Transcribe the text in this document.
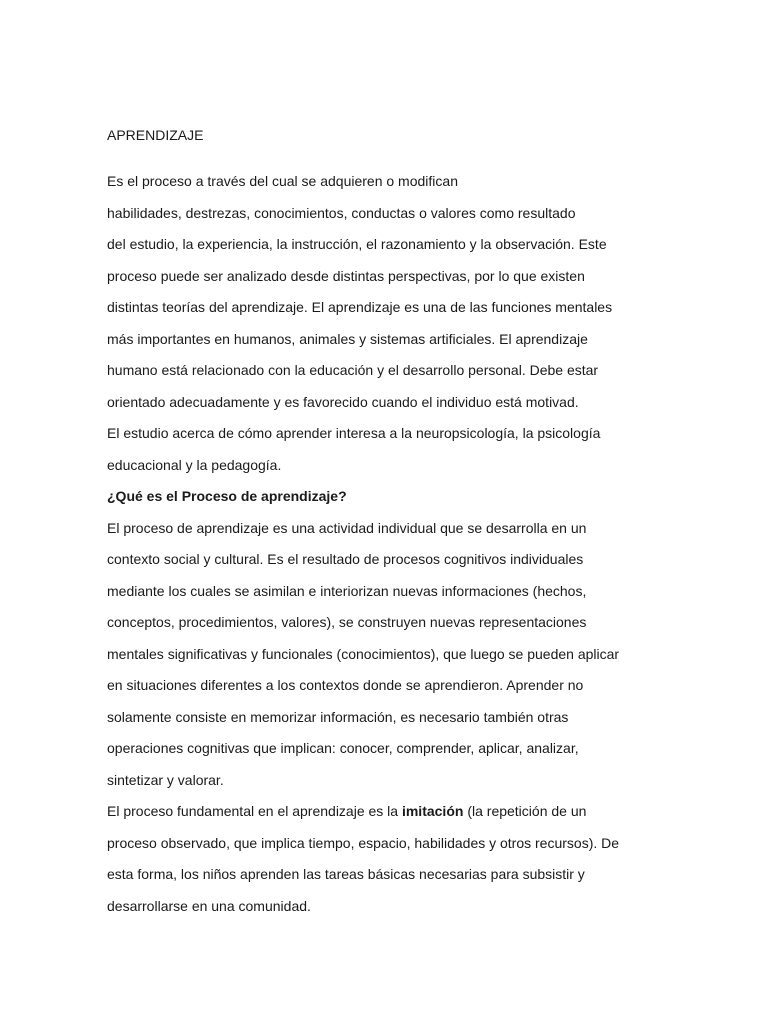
APRENDIZAJE
Es el proceso a través del cual se adquieren o modifican
habilidades, destrezas, conocimientos, conductas o valores como resultado
del estudio, la experiencia, la instrucción, el razonamiento y la observación. Este
proceso puede ser analizado desde distintas perspectivas, por lo que existen
distintas teorías del aprendizaje. El aprendizaje es una de las funciones mentales
más importantes en humanos, animales y sistemas artificiales. El aprendizaje
humano está relacionado con la educación y el desarrollo personal. Debe estar
orientado adecuadamente y es favorecido cuando el individuo está motivad.
El estudio acerca de cómo aprender interesa a la neuropsicología, la psicología
educacional y la pedagogía.
¿Qué es el Proceso de aprendizaje?
El proceso de aprendizaje es una actividad individual que se desarrolla en un
contexto social y cultural. Es el resultado de procesos cognitivos individuales
mediante los cuales se asimilan e interiorizan nuevas informaciones (hechos,
conceptos, procedimientos, valores), se construyen nuevas representaciones
mentales significativas y funcionales (conocimientos), que luego se pueden aplicar
en situaciones diferentes a los contextos donde se aprendieron. Aprender no
solamente consiste en memorizar información, es necesario también otras
operaciones cognitivas que implican: conocer, comprender, aplicar, analizar,
sintetizar y valorar.
El proceso fundamental en el aprendizaje es la imitación (la repetición de un
proceso observado, que implica tiempo, espacio, habilidades y otros recursos). De
esta forma, los niños aprenden las tareas básicas necesarias para subsistir y
desarrollarse en una comunidad.
